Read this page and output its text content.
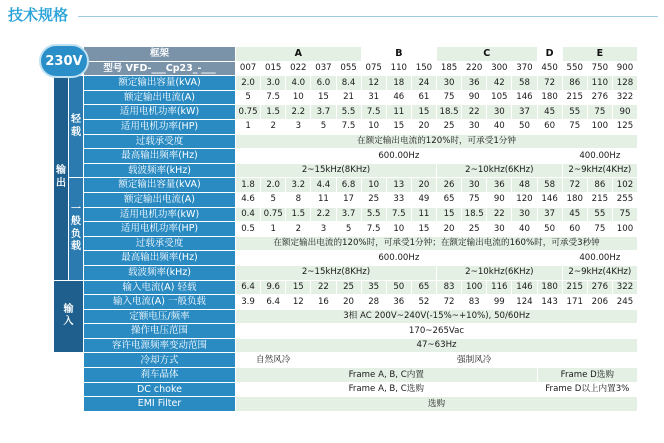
技术规格
230V
		框架	A					B			C				D	E		
		型号 VFD-___Cp23_-___	007	015	022	037	055	075	110	150	185	220	300	370	450	550	750	900

输出	轻载	额定输出容量(kVA)	2.0	3.0	4.0	6.0	8.4	12	18	24	30	36	42	58	72	86	110	128
		额定输出电流(A)	5	7.5	10	15	21	31	46	61	75	90	105	146	180	215	276	322
		适用电机功率(kW)	0.75	1.5	2.2	3.7	5.5	7.5	11	15	18.5	22	30	37	45	55	75	90
		适用电机功率(HP)	1	2	3	5	7.5	10	15	20	25	30	40	50	60	75	100	125
		过载承受度	在额定输出电流的120%时，可承受1分钟															
		最高输出频率(Hz)	600.00Hz													400.00Hz		
		载波频率(kHz)	2~15kHz(8KHz)								2~10kHz(6KHz)					2~9kHz(4KHz)		

	一般负载	额定输出容量(kVA)	1.8	2.0	3.2	4.4	6.8	10	13	20	26	30	36	48	58	72	86	102
		额定输出电流(A)	4.6	5	8	11	17	25	33	49	65	75	90	120	146	180	215	255
		适用电机功率(kW)	0.4	0.75	1.5	2.2	3.7	5.5	7.5	11	15	18.5	22	30	37	45	55	75
		适用电机功率(HP)	0.5	1	2	3	5	7.5	10	15	20	25	30	40	50	60	75	100
		过载承受度	在额定输出电流的120%时，可承受1分钟；在额定输出电流的160%时，可承受3秒钟															
		最高输出频率(Hz)	600.00Hz													400.00Hz		
		载波频率(kHz)	2~15kHz(8KHz)								2~10kHz(6KHz)					2~9kHz(4KHz)		

输入		输入电流(A) 轻载	6.4	9.6	15	22	25	35	50	65	83	100	116	146	180	215	276	322
		输入电流(A) 一般负载	3.9	6.4	12	16	20	28	36	52	72	83	99	124	143	171	206	245
		定额电压/频率	3相 AC 200V~240V(-15%~+10%), 50/60Hz															
		操作电压范围	170~265Vac															
		容许电源频率变动范围	47~63Hz															
		冷却方式	自然风冷			强制风冷												
		刹车晶体	Frame A, B, C内置												Frame D选购			
		DC choke	Frame A, B, C选购												Frame D以上内置3%			
		EMI Filter	选购															
